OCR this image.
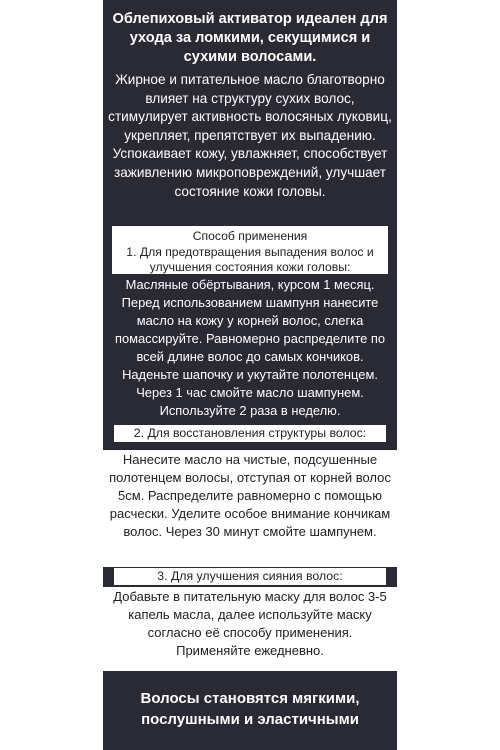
Облепиховый активатор идеален для ухода за ломкими, секущимися и сухими волосами.
Жирное и питательное масло благотворно влияет на структуру сухих волос, стимулирует активность волосяных луковиц, укрепляет, препятствует их выпадению. Успокаивает кожу, увлажняет, способствует заживлению микроповреждений, улучшает состояние кожи головы.
Способ применения
1. Для предотвращения выпадения волос и улучшения состояния кожи головы:
Масляные обёртывания, курсом 1 месяц. Перед использованием шампуня нанесите масло на кожу у корней волос, слегка помассируйте. Равномерно распределите по всей длине волос до самых кончиков. Наденьте шапочку и укутайте полотенцем. Через 1 час смойте масло шампунем. Используйте 2 раза в неделю.
2. Для восстановления структуры волос:
Нанесите масло на чистые, подсушенные полотенцем волосы, отступая от корней волос 5см. Распределите равномерно с помощью расчески. Уделите особое внимание кончикам волос. Через 30 минут смойте шампунем.
3. Для улучшения сияния волос:
Добавьте в питательную маску для волос 3-5 капель масла, далее используйте маску согласно её способу применения. Применяйте ежедневно.
Волосы становятся мягкими, послушными и эластичными
